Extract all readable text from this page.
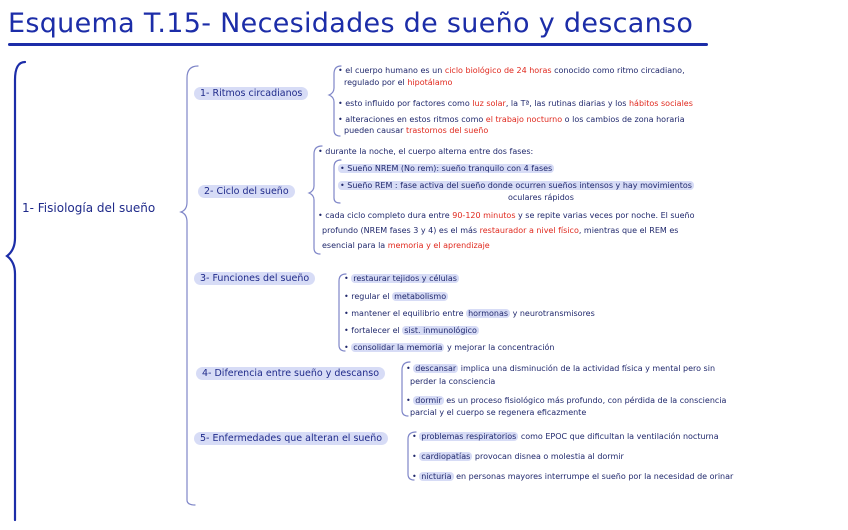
Esquema T.15- Necesidades de sueño y descanso
1- Fisiología del sueño
1- Ritmos circadianos
2- Ciclo del sueño
3- Funciones del sueño
4- Diferencia entre sueño y descanso
5- Enfermedades que alteran el sueño
• el cuerpo humano es un ciclo biológico de 24 horas conocido como ritmo circadiano,
regulado por el hipotálamo
• esto influido por factores como luz solar, la Tª, las rutinas diarias y los hábitos sociales
• alteraciones en estos ritmos como el trabajo nocturno o los cambios de zona horaria
pueden causar trastornos del sueño
• durante la noche, el cuerpo alterna entre dos fases:
• Sueño NREM (No rem): sueño tranquilo con 4 fases
• Sueño REM : fase activa del sueño donde ocurren sueños intensos y hay movimientos
oculares rápidos
• cada ciclo completo dura entre 90-120 minutos y se repite varias veces por noche. El sueño
profundo (NREM fases 3 y 4) es el más restaurador a nivel físico, mientras que el REM es
esencial para la memoria y el aprendizaje
• restaurar tejidos y células
• regular el metabolismo
• mantener el equilibrio entre hormonas y neurotransmisores
• fortalecer el sist. inmunológico
• consolidar la memoria y mejorar la concentración
• descansar implica una disminución de la actividad física y mental pero sin
perder la consciencia
• dormir es un proceso fisiológico más profundo, con pérdida de la consciencia
parcial y el cuerpo se regenera eficazmente
• problemas respiratorios como EPOC que dificultan la ventilación nocturna
• cardiopatías provocan disnea o molestia al dormir
• nicturia en personas mayores interrumpe el sueño por la necesidad de orinar
